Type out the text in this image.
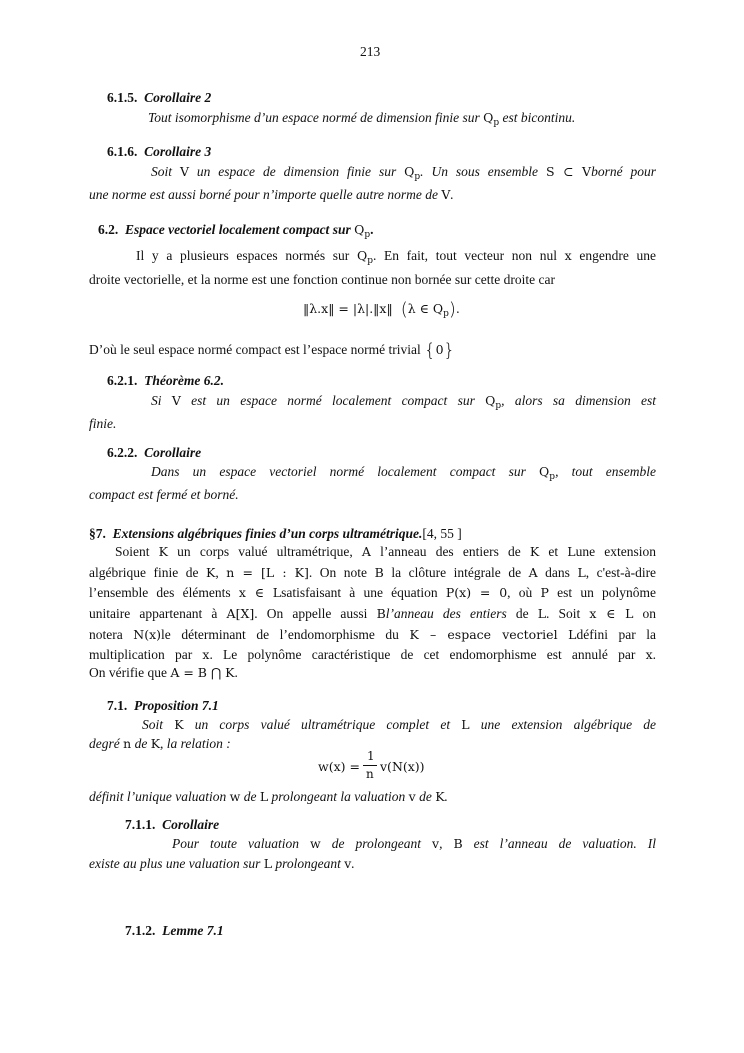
213
6.1.5. Corollaire 2
Tout isomorphisme d’un espace normé de dimension finie sur $Q_p$ est bicontinu.
6.1.6. Corollaire 3
Soit V un espace de dimension finie sur $Q_p$. Un sous ensemble S ⊂ Vborné pour
une norme est aussi borné pour n’importe quelle autre norme de V.
6.2. Espace vectoriel localement compact sur $Q_p$.
Il y a plusieurs espaces normés sur $Q_p$. En fait, tout vecteur non nul x engendre une
droite vectorielle, et la norme est une fonction continue non bornée sur cette droite car
‖λ.x‖ = |λ|.‖x‖ (λ ∈ $Q_p$).
D’où le seul espace normé compact est l’espace normé trivial {0}
6.2.1. Théorème 6.2.
Si V est un espace normé localement compact sur $Q_p$, alors sa dimension est
finie.
6.2.2. Corollaire
Dans un espace vectoriel normé localement compact sur $Q_p$, tout ensemble
compact est fermé et borné.
§7. Extensions algébriques finies d’un corps ultramétrique.[4, 55 ]
Soient K un corps valué ultramétrique, A l’anneau des entiers de K et Lune extension
algébrique finie de K, n = [L : K]. On note B la clôture intégrale de A dans L, c'est-à-dire
l’ensemble des éléments x ∈ Lsatisfaisant à une équation P(x) = 0, où P est un polynôme
unitaire appartenant à A[X]. On appelle aussi Bl’anneau des entiers de L. Soit x ∈ L on
notera N(x)le déterminant de l’endomorphisme du K – espace vectoriel Ldéfini par la
multiplication par x. Le polynôme caractéristique de cet endomorphisme est annulé par x.
On vérifie que A = B ⋂ K.
7.1. Proposition 7.1
Soit K un corps valué ultramétrique complet et L une extension algébrique de
degré n de K, la relation :
w(x) =
1
n v(N(x))
définit l’unique valuation w de L prolongeant la valuation v de K.
7.1.1. Corollaire
Pour toute valuation w de prolongeant v, B est l’anneau de valuation. Il
existe au plus une valuation sur L prolongeant v.
7.1.2. Lemme 7.1
